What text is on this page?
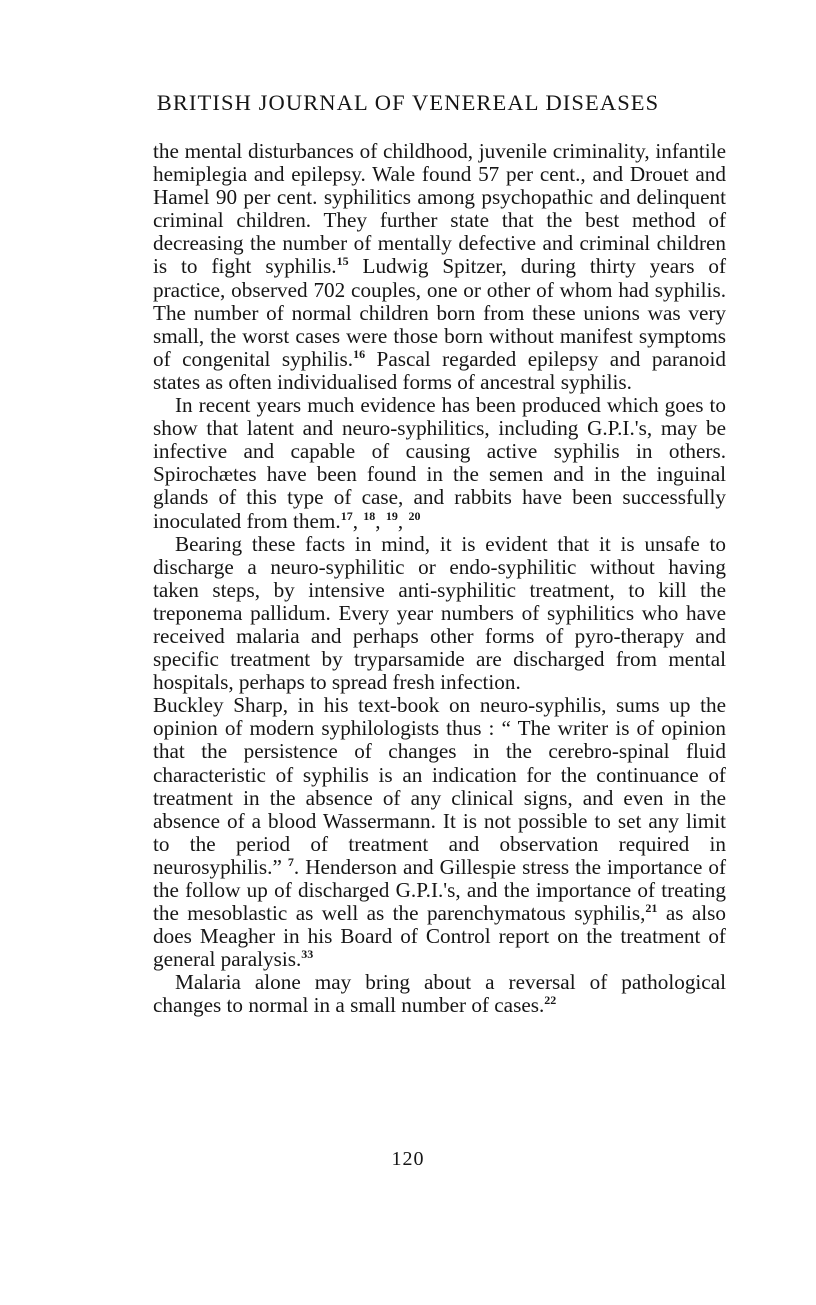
BRITISH JOURNAL OF VENEREAL DISEASES

the mental disturbances of childhood, juvenile criminality, infantile hemiplegia and epilepsy. Wale found 57 per cent., and Drouet and Hamel 90 per cent. syphilitics among psychopathic and delinquent criminal children. They further state that the best method of decreasing the number of mentally defective and criminal children is to fight syphilis.$^{15}$ Ludwig Spitzer, during thirty years of practice, observed 702 couples, one or other of whom had syphilis. The number of normal children born from these unions was very small, the worst cases were those born without manifest symptoms of congenital syphilis.$^{16}$ Pascal regarded epilepsy and paranoid states as often individualised forms of ancestral syphilis.

In recent years much evidence has been produced which goes to show that latent and neuro-syphilitics, including G.P.I.'s, may be infective and capable of causing active syphilis in others. Spirochætes have been found in the semen and in the inguinal glands of this type of case, and rabbits have been successfully inoculated from them.$^{17}$, $^{18}$, $^{19}$, $^{20}$

Bearing these facts in mind, it is evident that it is unsafe to discharge a neuro-syphilitic or endo-syphilitic without having taken steps, by intensive anti-syphilitic treatment, to kill the treponema pallidum. Every year numbers of syphilitics who have received malaria and perhaps other forms of pyro-therapy and specific treatment by tryparsamide are discharged from mental hospitals, perhaps to spread fresh infection.

Buckley Sharp, in his text-book on neuro-syphilis, sums up the opinion of modern syphilologists thus : “ The writer is of opinion that the persistence of changes in the cerebro-spinal fluid characteristic of syphilis is an indication for the continuance of treatment in the absence of any clinical signs, and even in the absence of a blood Wassermann. It is not possible to set any limit to the period of treatment and observation required in neurosyphilis.” $^7$. Henderson and Gillespie stress the importance of the follow up of discharged G.P.I.'s, and the importance of treating the mesoblastic as well as the parenchymatous syphilis,$^{21}$ as also does Meagher in his Board of Control report on the treatment of general paralysis.$^{33}$

Malaria alone may bring about a reversal of pathological changes to normal in a small number of cases.$^{22}$

120
